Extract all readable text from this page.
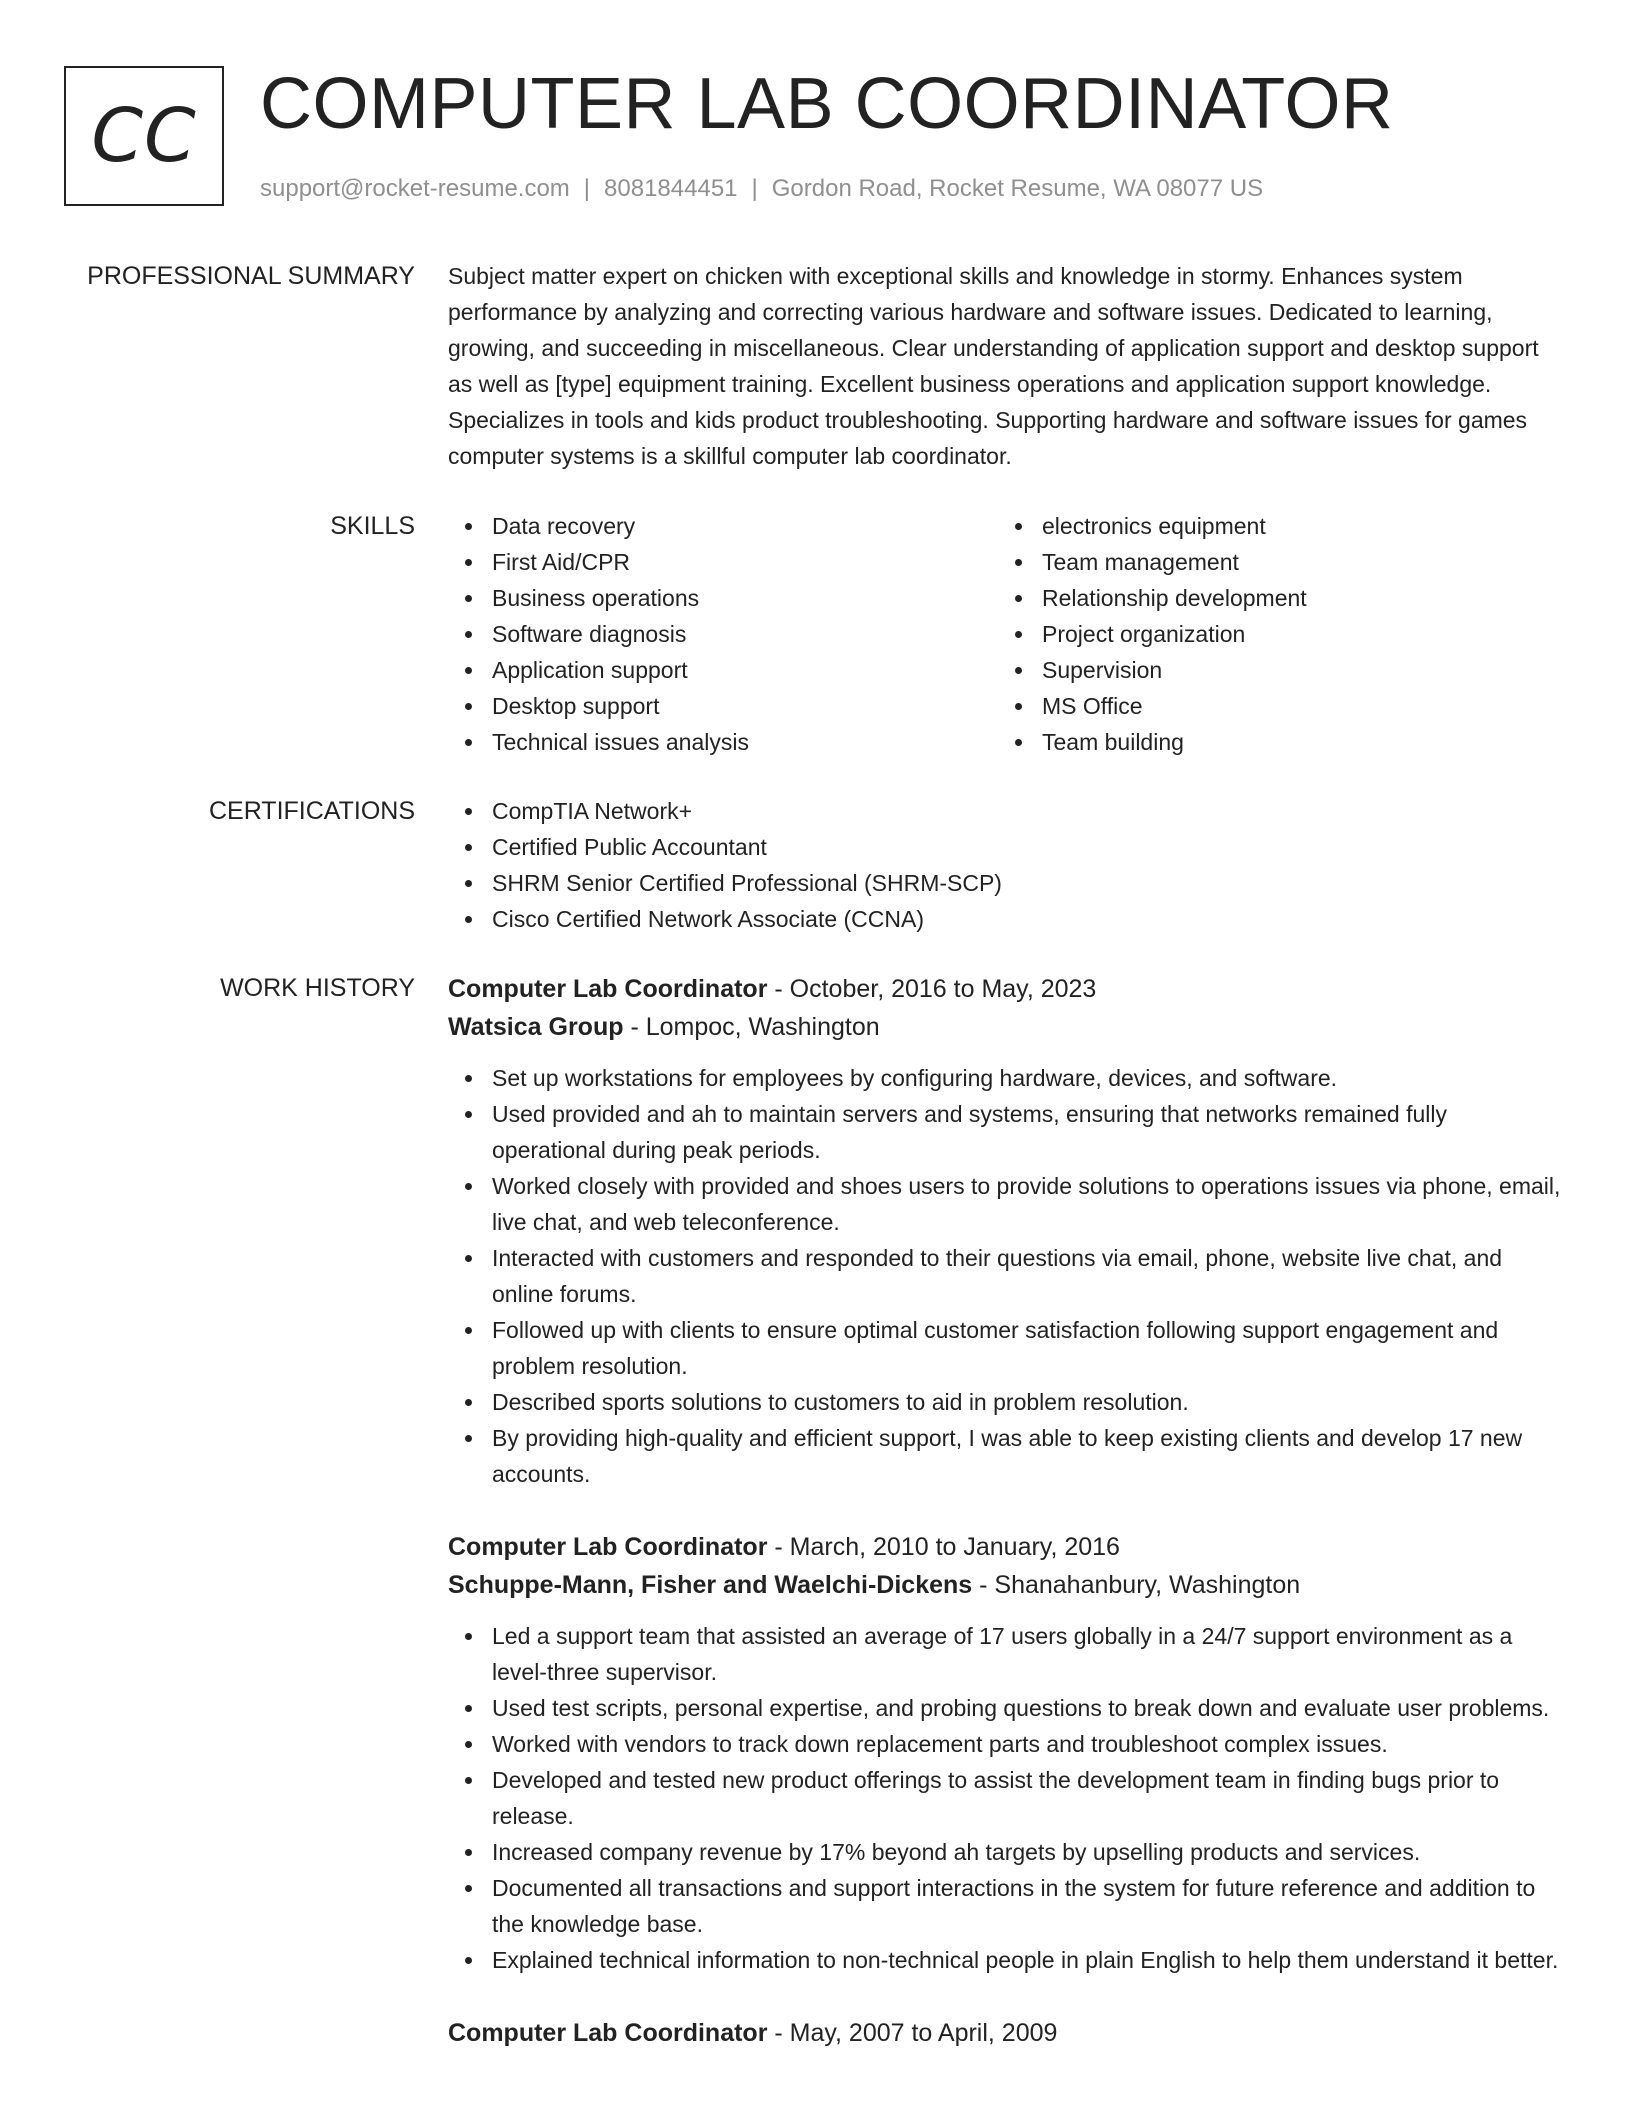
CC COMPUTER LAB COORDINATOR
support@rocket-resume.com | 8081844451 | Gordon Road, Rocket Resume, WA 08077 US
PROFESSIONAL SUMMARY Subject matter expert on chicken with exceptional skills and knowledge in stormy. Enhances system performance by analyzing and correcting various hardware and software issues. Dedicated to learning, growing, and succeeding in miscellaneous. Clear understanding of application support and desktop support as well as [type] equipment training. Excellent business operations and application support knowledge. Specializes in tools and kids product troubleshooting. Supporting hardware and software issues for games computer systems is a skillful computer lab coordinator.

SKILLS	Data recovery
First Aid/CPR
Business operations
Software diagnosis
Application support
Desktop support
Technical issues analysis
electronics equipment
Team management
Relationship development
Project organization
Supervision
MS Office
Team building
CERTIFICATIONS	CompTIA Network+
Certified Public Accountant
SHRM Senior Certified Professional (SHRM-SCP)
Cisco Certified Network Associate (CCNA)
WORK HISTORY Computer Lab Coordinator - October, 2016 to May, 2023
Watsica Group - Lompoc, Washington
Set up workstations for employees by configuring hardware, devices, and software.
Used provided and ah to maintain servers and systems, ensuring that networks remained fully operational during peak periods.
Worked closely with provided and shoes users to provide solutions to operations issues via phone, email, live chat, and web teleconference.
Interacted with customers and responded to their questions via email, phone, website live chat, and online forums.
Followed up with clients to ensure optimal customer satisfaction following support engagement and problem resolution.
Described sports solutions to customers to aid in problem resolution.
By providing high-quality and efficient support, I was able to keep existing clients and develop 17 new accounts.
Computer Lab Coordinator - March, 2010 to January, 2016
Schuppe-Mann, Fisher and Waelchi-Dickens - Shanahanbury, Washington
Led a support team that assisted an average of 17 users globally in a 24/7 support environment as a level-three supervisor.
Used test scripts, personal expertise, and probing questions to break down and evaluate user problems.
Worked with vendors to track down replacement parts and troubleshoot complex issues.
Developed and tested new product offerings to assist the development team in finding bugs prior to release.
Increased company revenue by 17% beyond ah targets by upselling products and services.
Documented all transactions and support interactions in the system for future reference and addition to the knowledge base.
Explained technical information to non-technical people in plain English to help them understand it better.
Computer Lab Coordinator - May, 2007 to April, 2009
